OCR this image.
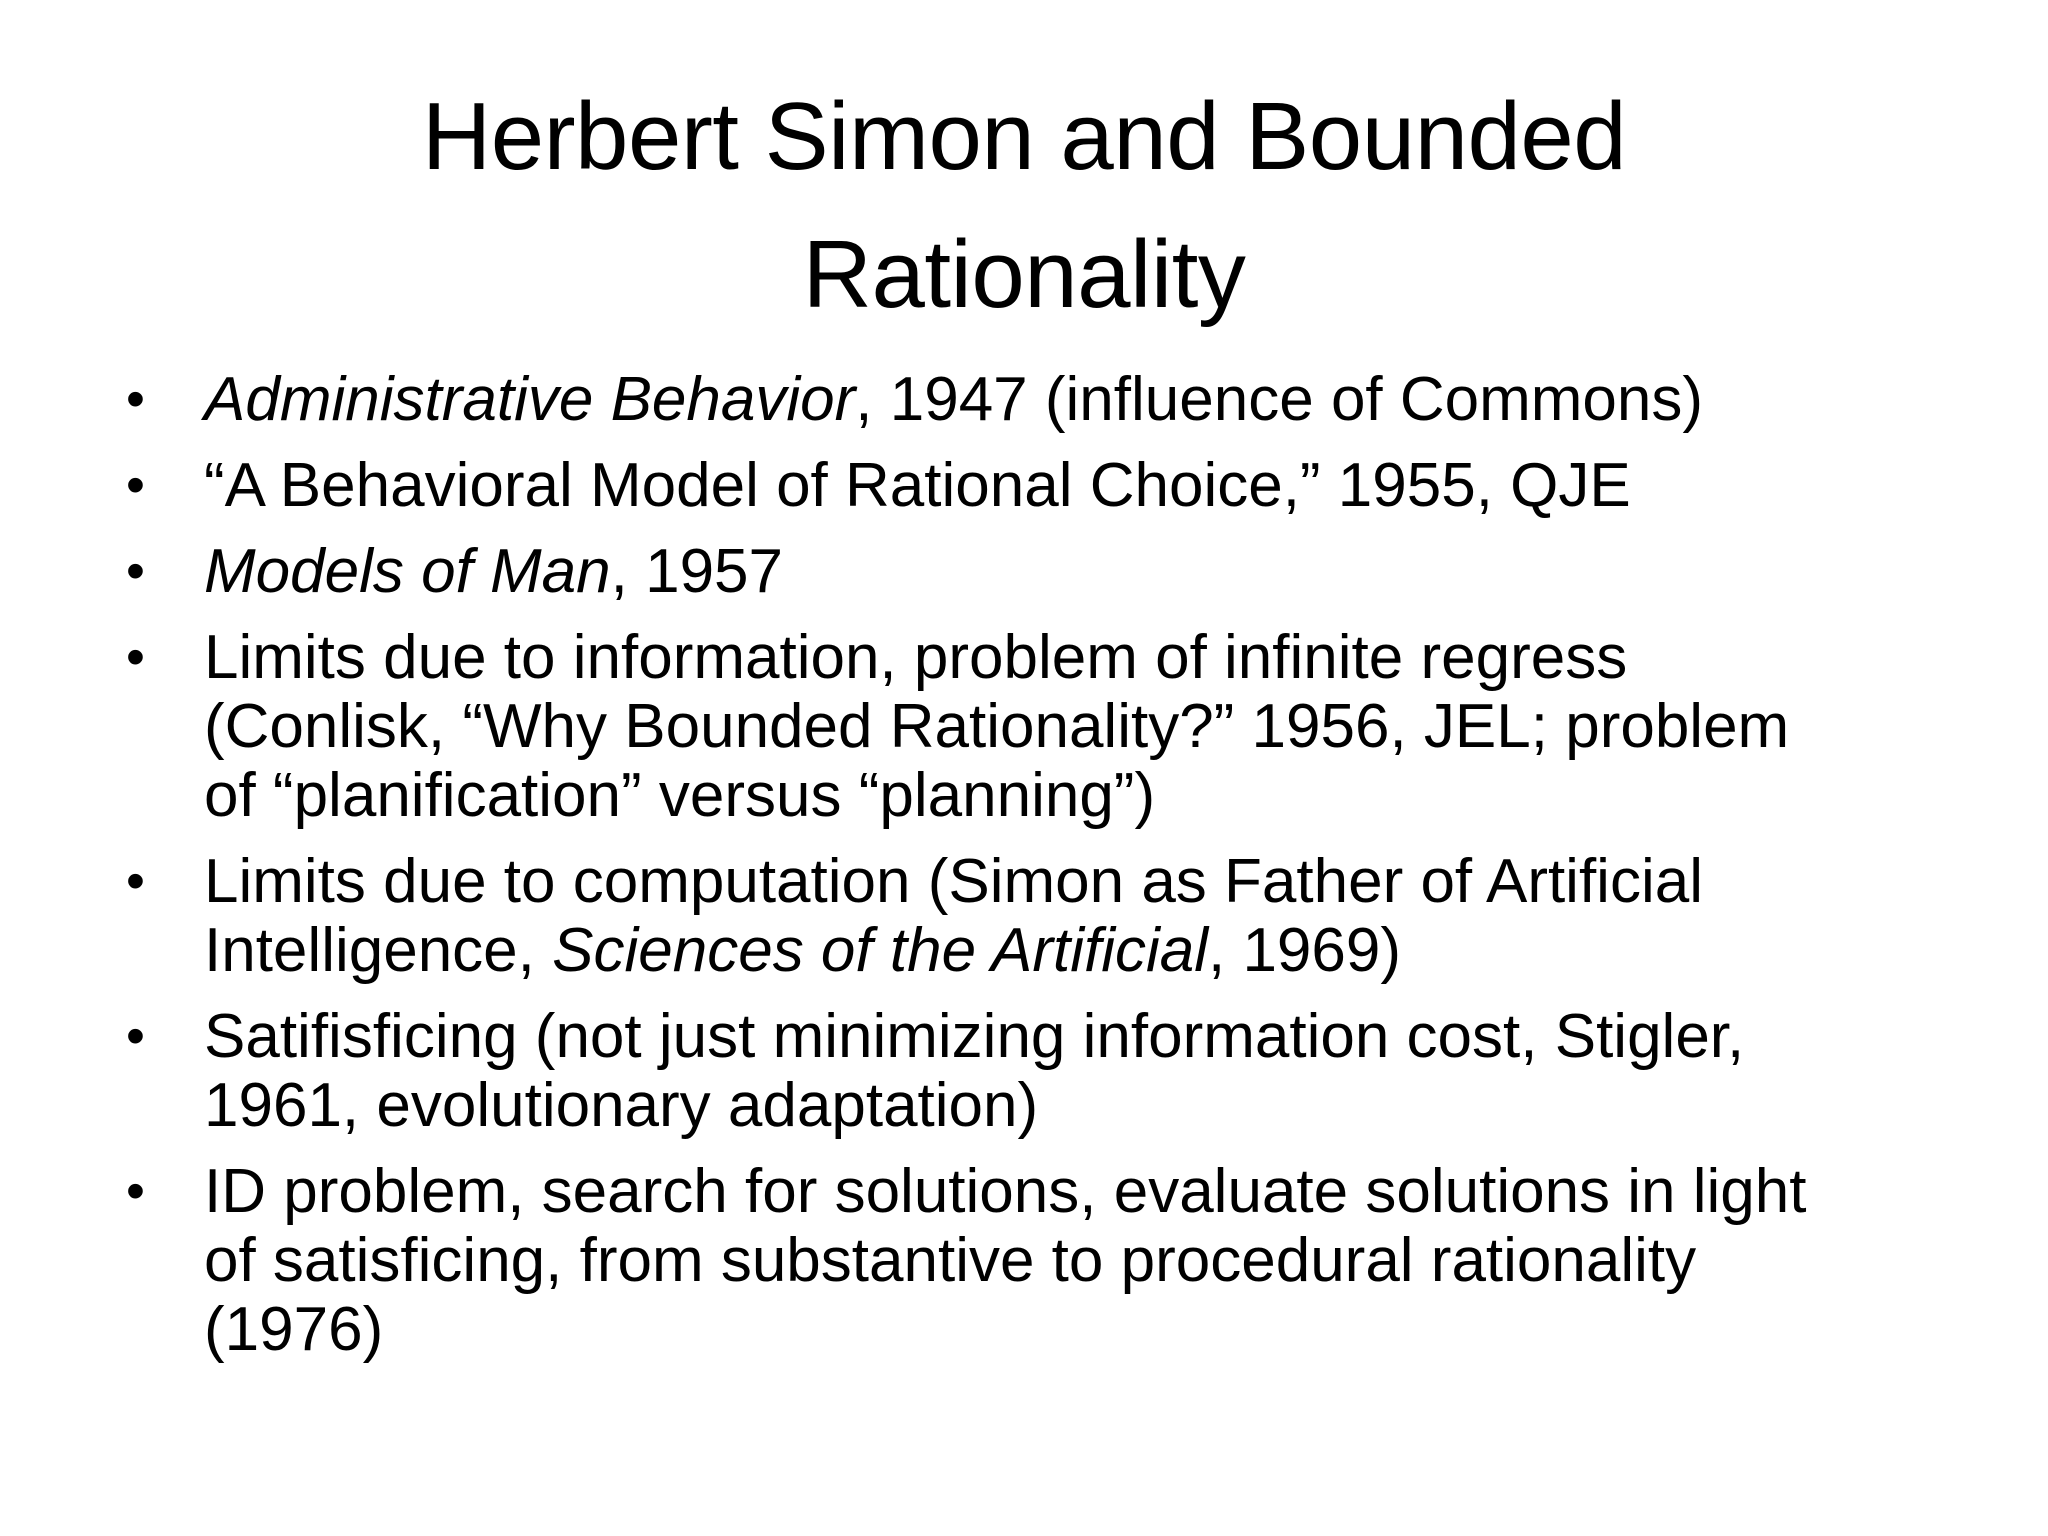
Herbert Simon and Bounded
Rationality
• Administrative Behavior, 1947 (influence of Commons)
• “A Behavioral Model of Rational Choice,” 1955, QJE
• Models of Man, 1957
• Limits due to information, problem of infinite regress
(Conlisk, “Why Bounded Rationality?” 1956, JEL; problem
of “planification” versus “planning”)
• Limits due to computation (Simon as Father of Artificial
Intelligence, Sciences of the Artificial, 1969)
• Satifisficing (not just minimizing information cost, Stigler,
1961, evolutionary adaptation)
• ID problem, search for solutions, evaluate solutions in light
of satisficing, from substantive to procedural rationality
(1976)
